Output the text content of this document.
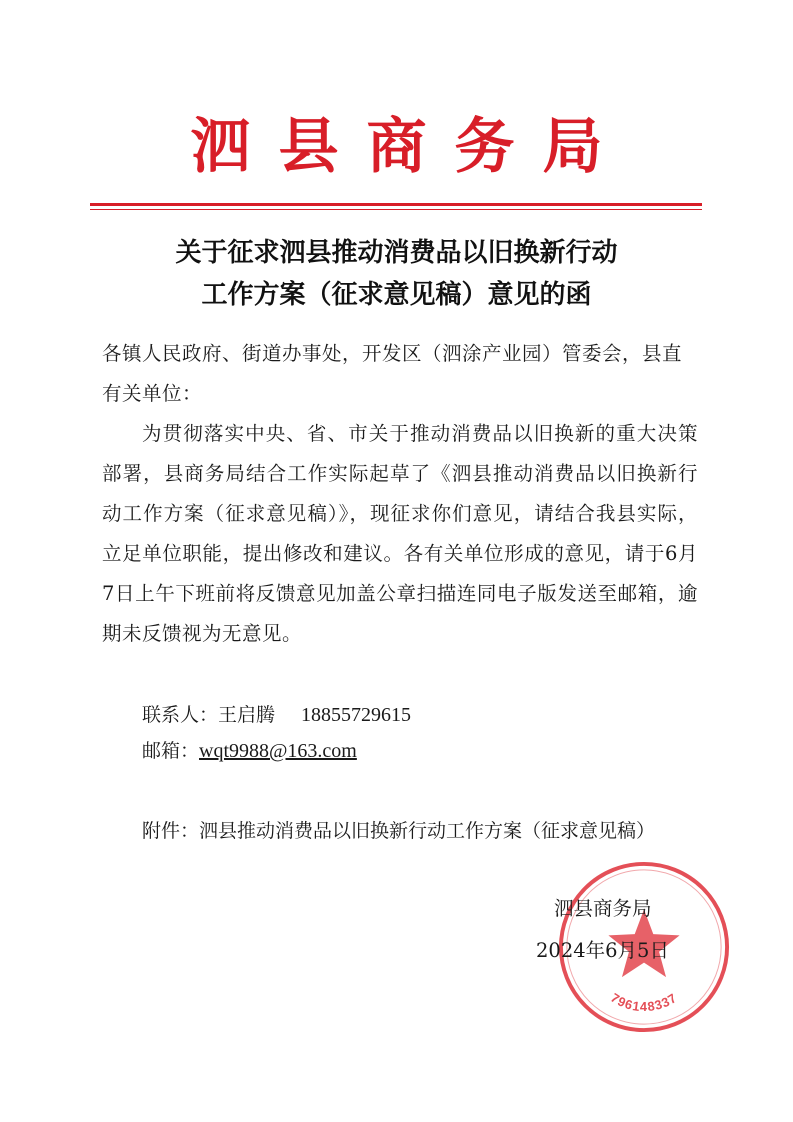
泗县商务局
关于征求泗县推动消费品以旧换新行动
工作方案（征求意见稿）意见的函
各镇人民政府、街道办事处，开发区（泗涂产业园）管委会，县直有关单位：
为贯彻落实中央、省、市关于推动消费品以旧换新的重大决策部署，县商务局结合工作实际起草了《泗县推动消费品以旧换新行动工作方案（征求意见稿）》，现征求你们意见，请结合我县实际，立足单位职能，提出修改和建议。各有关单位形成的意见，请于6月7日上午下班前将反馈意见加盖公章扫描连同电子版发送至邮箱，逾期未反馈视为无意见。
联系人：王启腾 18855729615
邮箱：wqt9988@163.com
附件：泗县推动消费品以旧换新行动工作方案（征求意见稿）
796148337
泗县商务局
2024年6月5日
